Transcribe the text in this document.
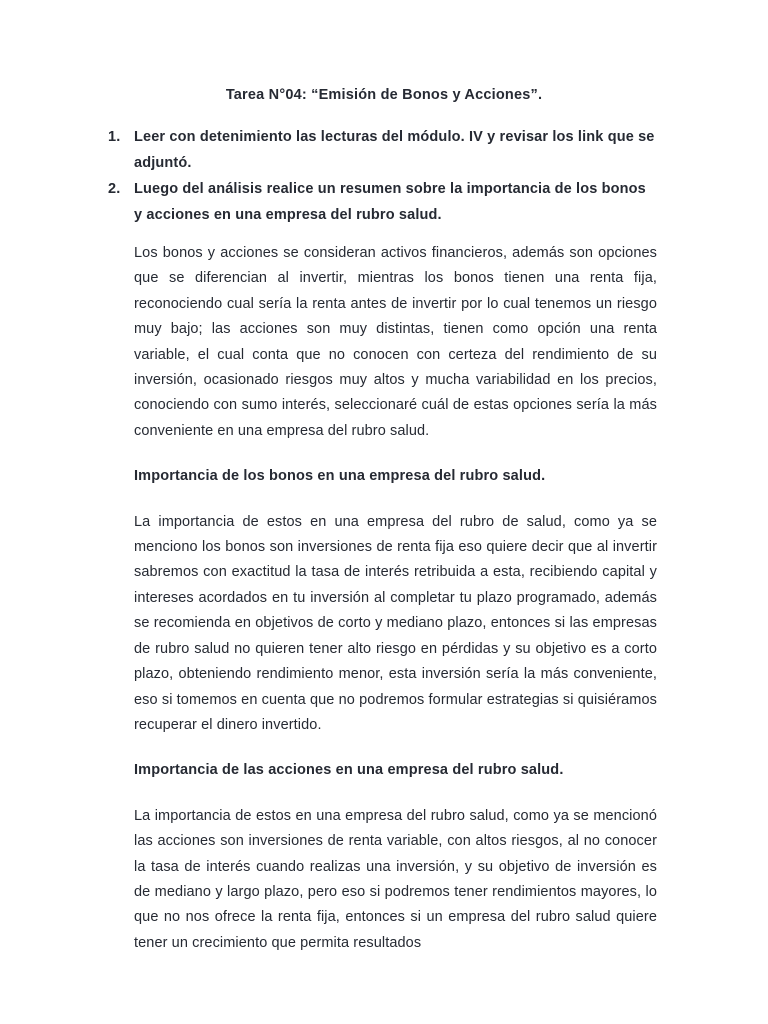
Tarea N°04: “Emisión de Bonos y Acciones”.
1. Leer con detenimiento las lecturas del módulo. IV y revisar los link que se adjuntó.
2. Luego del análisis realice un resumen sobre la importancia de los bonos y acciones en una empresa del rubro salud.

Los bonos y acciones se consideran activos financieros, además son opciones que se diferencian al invertir, mientras los bonos tienen una renta fija, reconociendo cual sería la renta antes de invertir por lo cual tenemos un riesgo muy bajo; las acciones son muy distintas, tienen como opción una renta variable, el cual conta que no conocen con certeza del rendimiento de su inversión, ocasionado riesgos muy altos y mucha variabilidad en los precios, conociendo con sumo interés, seleccionaré cuál de estas opciones sería la más conveniente en una empresa del rubro salud.

Importancia de los bonos en una empresa del rubro salud.

La importancia de estos en una empresa del rubro de salud, como ya se menciono los bonos son inversiones de renta fija eso quiere decir que al invertir sabremos con exactitud la tasa de interés retribuida a esta, recibiendo capital y intereses acordados en tu inversión al completar tu plazo programado, además se recomienda en objetivos de corto y mediano plazo, entonces si las empresas de rubro salud no quieren tener alto riesgo en pérdidas y su objetivo es a corto plazo, obteniendo rendimiento menor, esta inversión sería la más conveniente, eso si tomemos en cuenta que no podremos formular estrategias si quisiéramos recuperar el dinero invertido.

Importancia de las acciones en una empresa del rubro salud.

La importancia de estos en una empresa del rubro salud, como ya se mencionó las acciones son inversiones de renta variable, con altos riesgos, al no conocer la tasa de interés cuando realizas una inversión, y su objetivo de inversión es de mediano y largo plazo, pero eso si podremos tener rendimientos mayores, lo que no nos ofrece la renta fija, entonces si un empresa del rubro salud quiere tener un crecimiento que permita resultados
